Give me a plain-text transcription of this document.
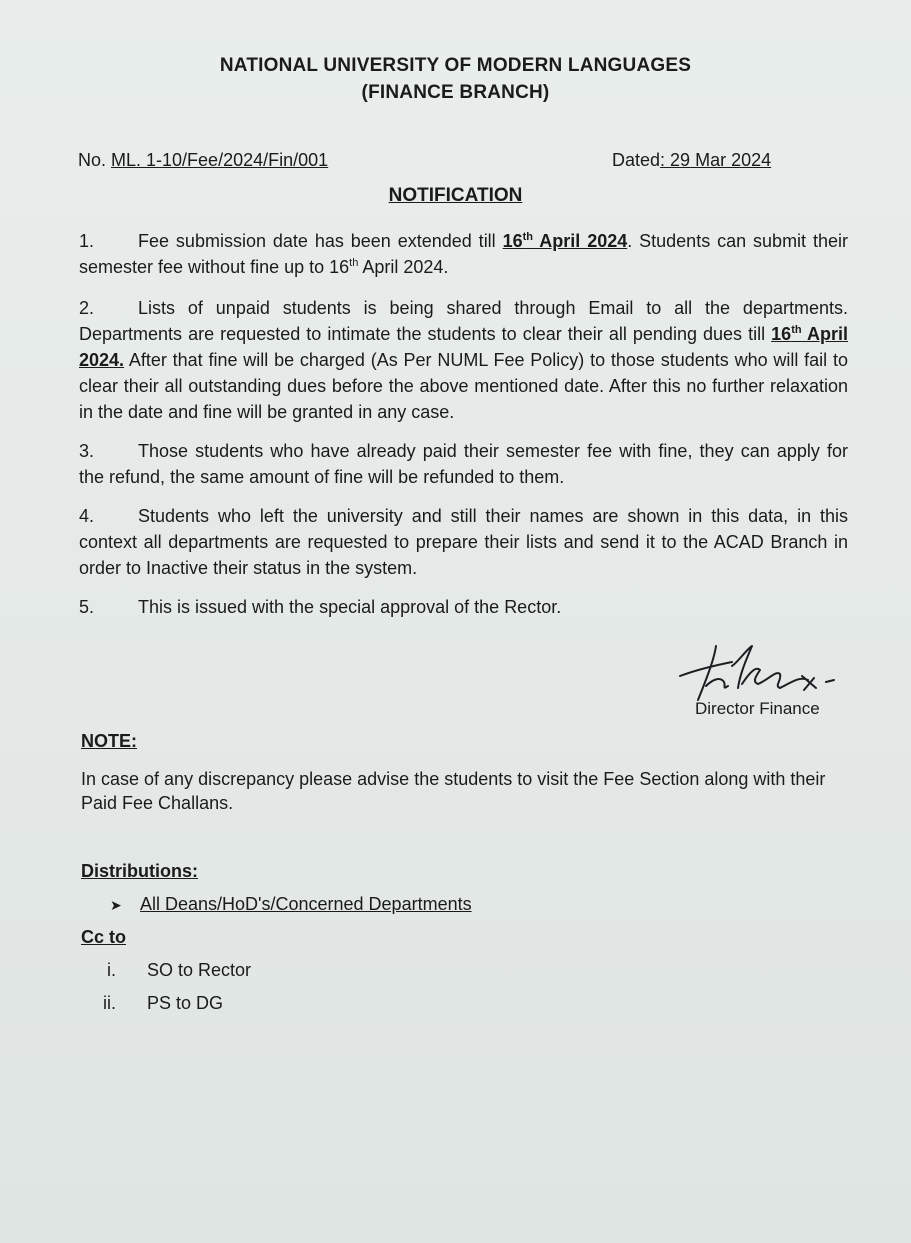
NATIONAL UNIVERSITY OF MODERN LANGUAGES
(FINANCE BRANCH)
No. ML. 1-10/Fee/2024/Fin/001	Dated: 29 Mar 2024
NOTIFICATION
1. Fee submission date has been extended till 16th April 2024. Students can submit their semester fee without fine up to 16th April 2024.
2. Lists of unpaid students is being shared through Email to all the departments. Departments are requested to intimate the students to clear their all pending dues till 16th April 2024. After that fine will be charged (As Per NUML Fee Policy) to those students who will fail to clear their all outstanding dues before the above mentioned date. After this no further relaxation in the date and fine will be granted in any case.
3. Those students who have already paid their semester fee with fine, they can apply for the refund, the same amount of fine will be refunded to them.
4. Students who left the university and still their names are shown in this data, in this context all departments are requested to prepare their lists and send it to the ACAD Branch in order to Inactive their status in the system.
5. This is issued with the special approval of the Rector.
Director Finance
NOTE:
In case of any discrepancy please advise the students to visit the Fee Section along with their Paid Fee Challans.
Distributions:
➤ All Deans/HoD's/Concerned Departments
Cc to
i. SO to Rector
ii. PS to DG
